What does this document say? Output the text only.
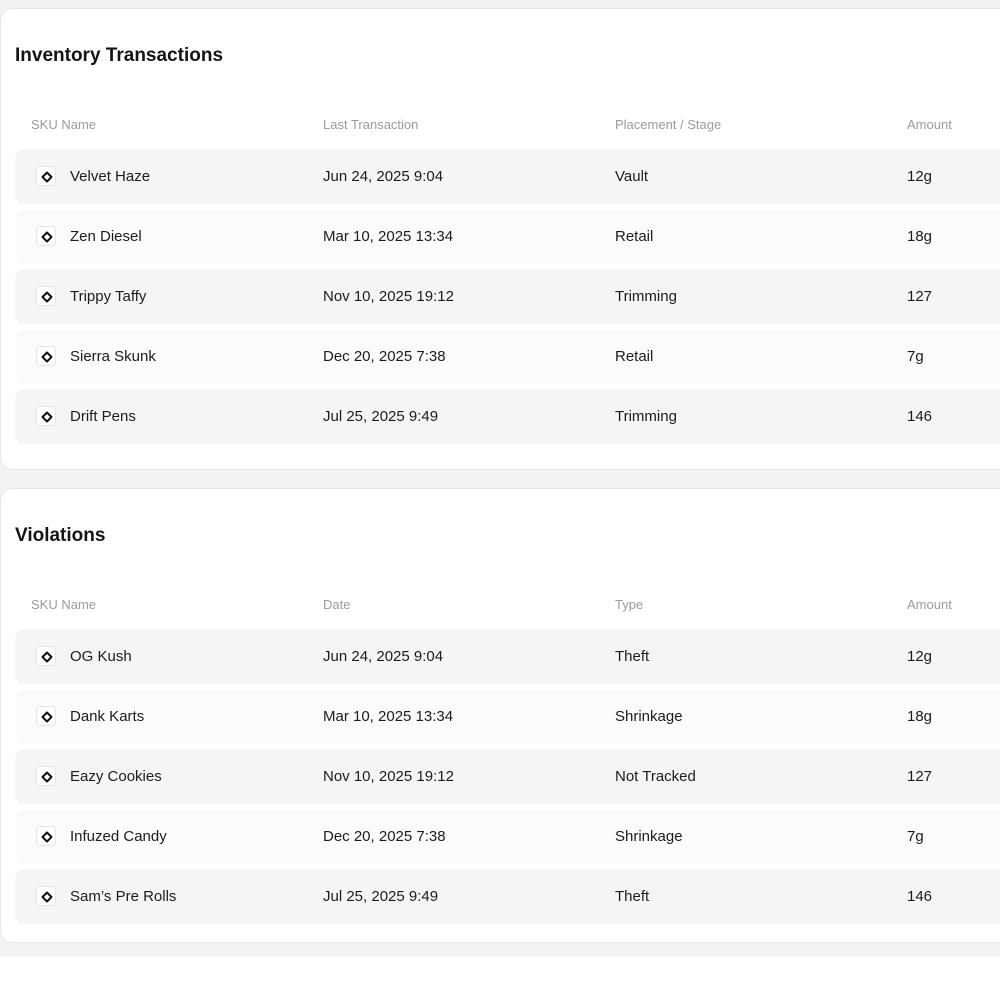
Inventory Transactions
SKU Name	Last Transaction	Placement / Stage	Amount
Velvet Haze	Jun 24, 2025 9:04	Vault	12g
Zen Diesel	Mar 10, 2025 13:34	Retail	18g
Trippy Taffy	Nov 10, 2025 19:12	Trimming	127
Sierra Skunk	Dec 20, 2025 7:38	Retail	7g
Drift Pens	Jul 25, 2025 9:49	Trimming	146
Violations
SKU Name	Date	Type	Amount
OG Kush	Jun 24, 2025 9:04	Theft	12g
Dank Karts	Mar 10, 2025 13:34	Shrinkage	18g
Eazy Cookies	Nov 10, 2025 19:12	Not Tracked	127
Infuzed Candy	Dec 20, 2025 7:38	Shrinkage	7g
Sam’s Pre Rolls	Jul 25, 2025 9:49	Theft	146
